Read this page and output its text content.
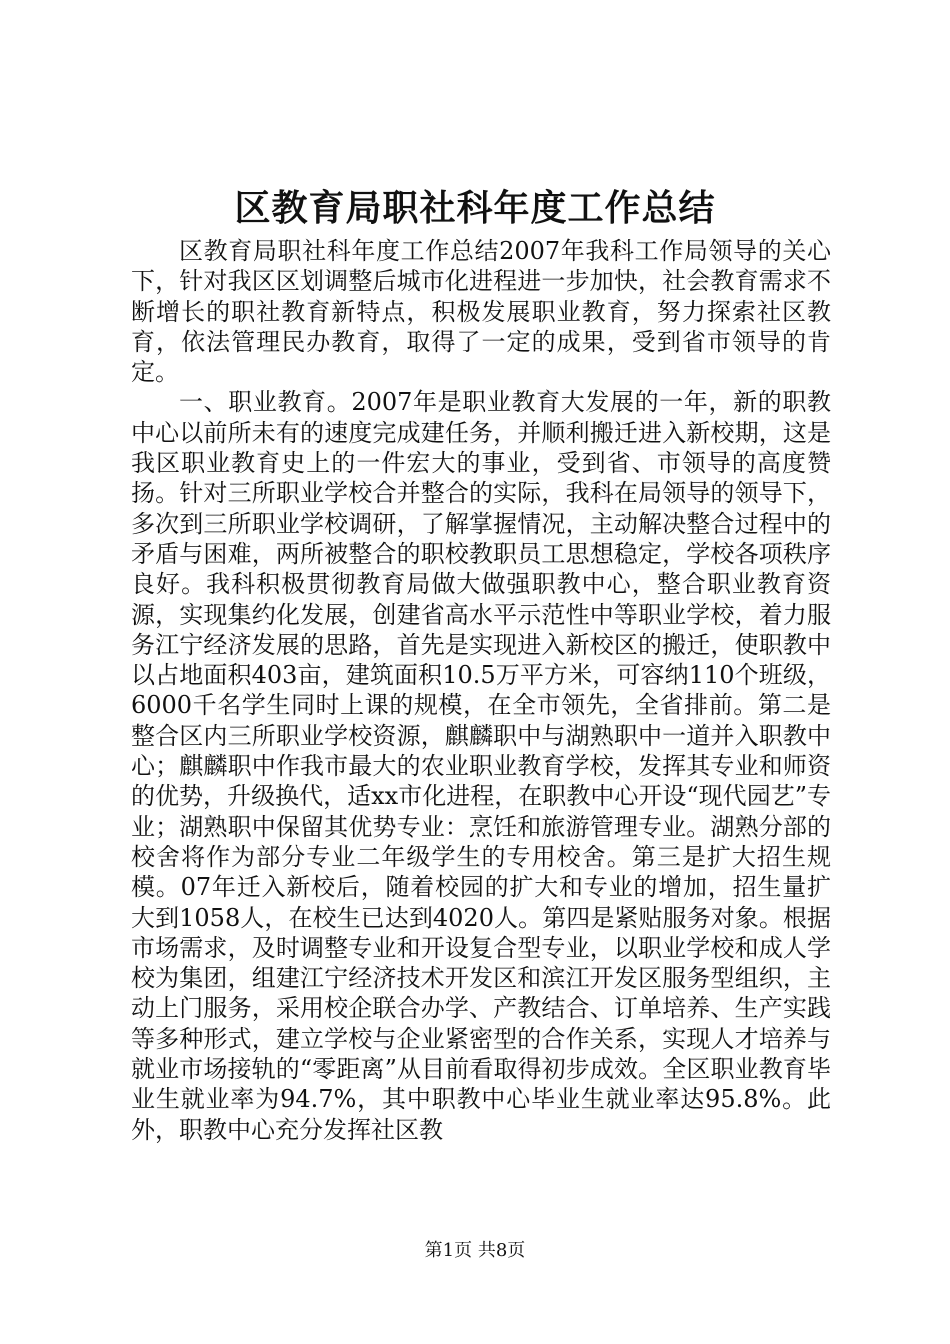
区教育局职社科年度工作总结

区教育局职社科年度工作总结2007年我科工作局领导的关心下，针对我区区划调整后城市化进程进一步加快，社会教育需求不断增长的职社教育新特点，积极发展职业教育，努力探索社区教育，依法管理民办教育，取得了一定的成果，受到省市领导的肯定。

一、职业教育。2007年是职业教育大发展的一年，新的职教中心以前所未有的速度完成建任务，并顺利搬迁进入新校期，这是我区职业教育史上的一件宏大的事业，受到省、市领导的高度赞扬。针对三所职业学校合并整合的实际，我科在局领导的领导下，多次到三所职业学校调研，了解掌握情况，主动解决整合过程中的矛盾与困难，两所被整合的职校教职员工思想稳定，学校各项秩序良好。我科积极贯彻教育局做大做强职教中心，整合职业教育资源，实现集约化发展，创建省高水平示范性中等职业学校，着力服务江宁经济发展的思路，首先是实现进入新校区的搬迁，使职教中以占地面积403亩，建筑面积10.5万平方米，可容纳110个班级，6000千名学生同时上课的规模，在全市领先，全省排前。第二是整合区内三所职业学校资源，麒麟职中与湖熟职中一道并入职教中心；麒麟职中作我市最大的农业职业教育学校，发挥其专业和师资的优势，升级换代，适xx市化进程，在职教中心开设“现代园艺”专业；湖熟职中保留其优势专业：烹饪和旅游管理专业。湖熟分部的校舍将作为部分专业二年级学生的专用校舍。第三是扩大招生规模。07年迁入新校后，随着校园的扩大和专业的增加，招生量扩大到1058人，在校生已达到4020人。第四是紧贴服务对象。根据市场需求，及时调整专业和开设复合型专业，以职业学校和成人学校为集团，组建江宁经济技术开发区和滨江开发区服务型组织，主动上门服务，采用校企联合办学、产教结合、订单培养、生产实践等多种形式，建立学校与企业紧密型的合作关系，实现人才培养与就业市场接轨的“零距离”从目前看取得初步成效。全区职业教育毕业生就业率为94.7%，其中职教中心毕业生就业率达95.8%。此外，职教中心充分发挥社区教

第1页 共8页
